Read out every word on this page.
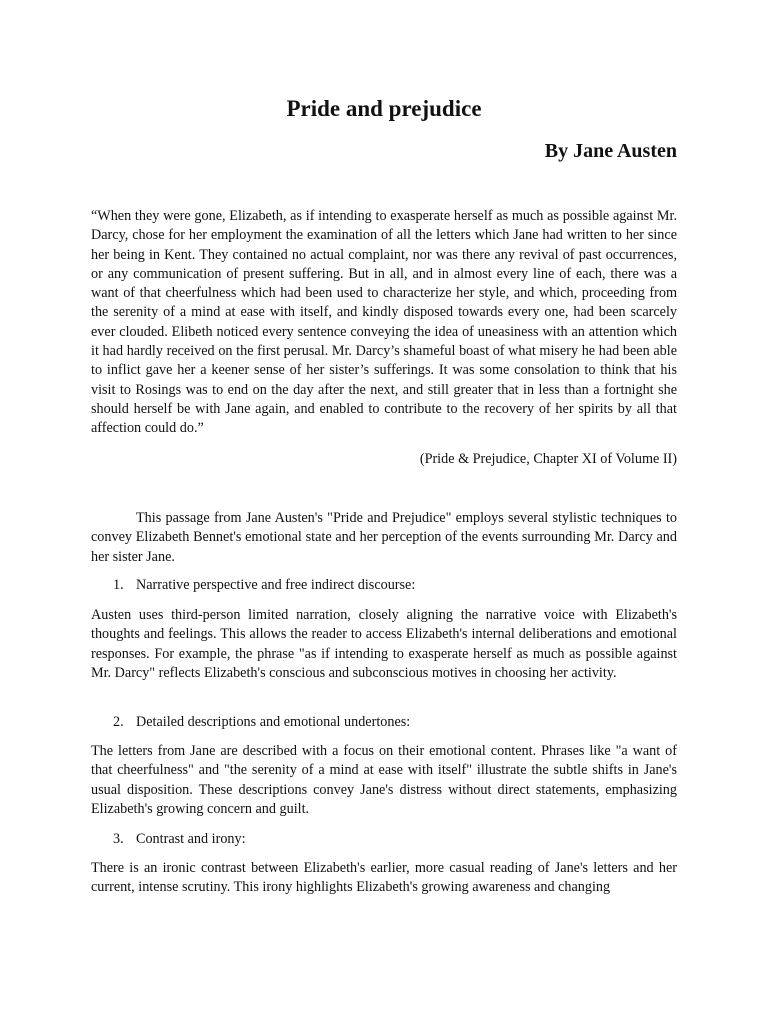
Pride and prejudice
By Jane Austen

“When they were gone, Elizabeth, as if intending to exasperate herself as much as possible against Mr. Darcy, chose for her employment the examination of all the letters which Jane had written to her since her being in Kent. They contained no actual complaint, nor was there any revival of past occurrences, or any communication of present suffering. But in all, and in almost every line of each, there was a want of that cheerfulness which had been used to characterize her style, and which, proceeding from the serenity of a mind at ease with itself, and kindly disposed towards every one, had been scarcely ever clouded. Elibeth noticed every sentence conveying the idea of uneasiness with an attention which it had hardly received on the first perusal. Mr. Darcy’s shameful boast of what misery he had been able to inflict gave her a keener sense of her sister’s sufferings. It was some consolation to think that his visit to Rosings was to end on the day after the next, and still greater that in less than a fortnight she should herself be with Jane again, and enabled to contribute to the recovery of her spirits by all that affection could do.”

(Pride & Prejudice, Chapter XI of Volume II)

This passage from Jane Austen's "Pride and Prejudice" employs several stylistic techniques to convey Elizabeth Bennet's emotional state and her perception of the events surrounding Mr. Darcy and her sister Jane.

1. Narrative perspective and free indirect discourse:

Austen uses third-person limited narration, closely aligning the narrative voice with Elizabeth's thoughts and feelings. This allows the reader to access Elizabeth's internal deliberations and emotional responses. For example, the phrase "as if intending to exasperate herself as much as possible against Mr. Darcy" reflects Elizabeth's conscious and subconscious motives in choosing her activity.

2. Detailed descriptions and emotional undertones:

The letters from Jane are described with a focus on their emotional content. Phrases like "a want of that cheerfulness" and "the serenity of a mind at ease with itself" illustrate the subtle shifts in Jane's usual disposition. These descriptions convey Jane's distress without direct statements, emphasizing Elizabeth's growing concern and guilt.

3. Contrast and irony:

There is an ironic contrast between Elizabeth's earlier, more casual reading of Jane's letters and her current, intense scrutiny. This irony highlights Elizabeth's growing awareness and changing
